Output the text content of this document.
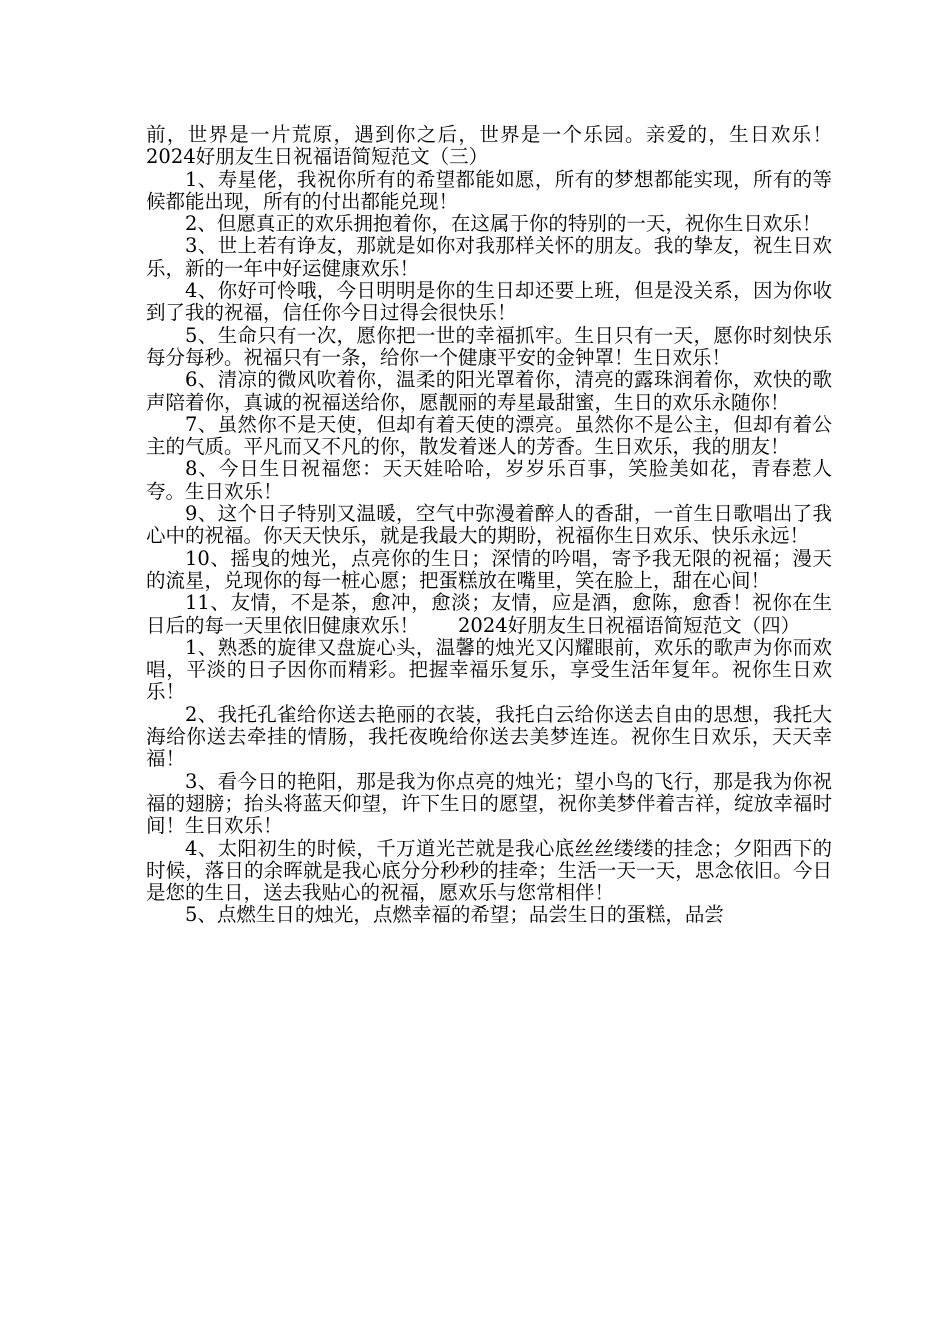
前，世界是一片荒原，遇到你之后，世界是一个乐园。亲爱的，生日欢乐！　　2024好朋友生日祝福语简短范文（三）

1、寿星佬，我祝你所有的希望都能如愿，所有的梦想都能实现，所有的等候都能出现，所有的付出都能兑现！

2、但愿真正的欢乐拥抱着你，在这属于你的特别的一天，祝你生日欢乐！

3、世上若有诤友，那就是如你对我那样关怀的朋友。我的挚友，祝生日欢乐，新的一年中好运健康欢乐！

4、你好可怜哦，今日明明是你的生日却还要上班，但是没关系，因为你收到了我的祝福，信任你今日过得会很快乐！

5、生命只有一次，愿你把一世的幸福抓牢。生日只有一天，愿你时刻快乐每分每秒。祝福只有一条，给你一个健康平安的金钟罩！生日欢乐！

6、清凉的微风吹着你，温柔的阳光罩着你，清亮的露珠润着你，欢快的歌声陪着你，真诚的祝福送给你，愿靓丽的寿星最甜蜜，生日的欢乐永随你！

7、虽然你不是天使，但却有着天使的漂亮。虽然你不是公主，但却有着公主的气质。平凡而又不凡的你，散发着迷人的芳香。生日欢乐，我的朋友！

8、今日生日祝福您：天天娃哈哈，岁岁乐百事，笑脸美如花，青春惹人夸。生日欢乐！

9、这个日子特别又温暖，空气中弥漫着醉人的香甜，一首生日歌唱出了我心中的祝福。你天天快乐，就是我最大的期盼，祝福你生日欢乐、快乐永远！

10、摇曳的烛光，点亮你的生日；深情的吟唱，寄予我无限的祝福；漫天的流星，兑现你的每一桩心愿；把蛋糕放在嘴里，笑在脸上，甜在心间！

11、友情，不是茶，愈冲，愈淡；友情，应是酒，愈陈，愈香！祝你在生日后的每一天里依旧健康欢乐！　　2024好朋友生日祝福语简短范文（四）

1、熟悉的旋律又盘旋心头，温馨的烛光又闪耀眼前，欢乐的歌声为你而欢唱，平淡的日子因你而精彩。把握幸福乐复乐，享受生活年复年。祝你生日欢乐！

2、我托孔雀给你送去艳丽的衣装，我托白云给你送去自由的思想，我托大海给你送去牵挂的情肠，我托夜晚给你送去美梦连连。祝你生日欢乐，天天幸福！

3、看今日的艳阳，那是我为你点亮的烛光；望小鸟的飞行，那是我为你祝福的翅膀；抬头将蓝天仰望，许下生日的愿望，祝你美梦伴着吉祥，绽放幸福时间！生日欢乐！

4、太阳初生的时候，千万道光芒就是我心底丝丝缕缕的挂念；夕阳西下的时候，落日的余晖就是我心底分分秒秒的挂牵；生活一天一天，思念依旧。今日是您的生日，送去我贴心的祝福，愿欢乐与您常相伴！

5、点燃生日的烛光，点燃幸福的希望；品尝生日的蛋糕，品尝
